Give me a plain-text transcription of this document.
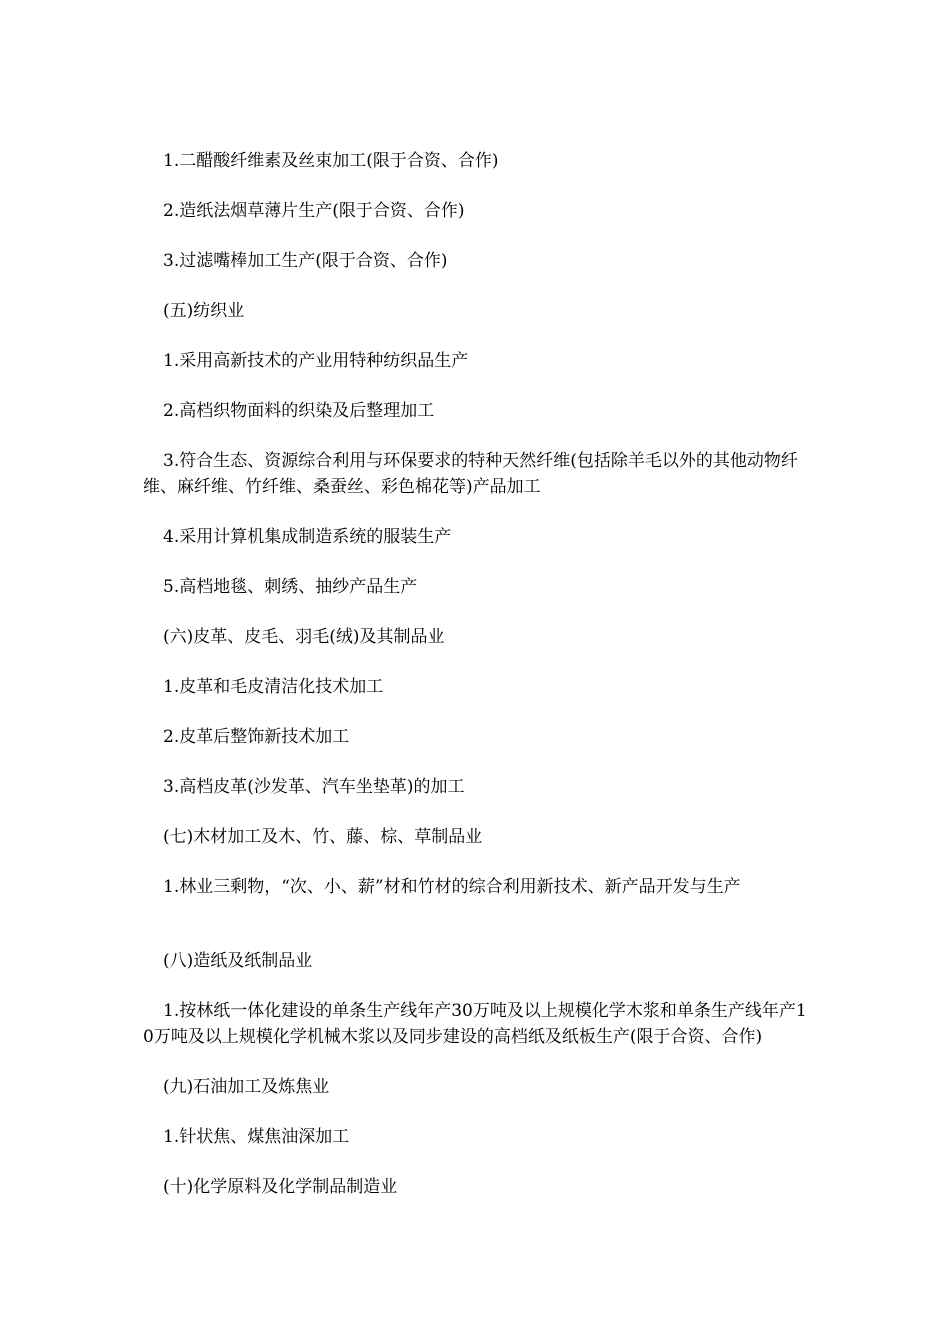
1.二醋酸纤维素及丝束加工(限于合资、合作)

2.造纸法烟草薄片生产(限于合资、合作)

3.过滤嘴棒加工生产(限于合资、合作)

(五)纺织业

1.采用高新技术的产业用特种纺织品生产

2.高档织物面料的织染及后整理加工

3.符合生态、资源综合利用与环保要求的特种天然纤维(包括除羊毛以外的其他动物纤维、麻纤维、竹纤维、桑蚕丝、彩色棉花等)产品加工

4.采用计算机集成制造系统的服装生产

5.高档地毯、刺绣、抽纱产品生产

(六)皮革、皮毛、羽毛(绒)及其制品业

1.皮革和毛皮清洁化技术加工

2.皮革后整饰新技术加工

3.高档皮革(沙发革、汽车坐垫革)的加工

(七)木材加工及木、竹、藤、棕、草制品业

1.林业三剩物，“次、小、薪”材和竹材的综合利用新技术、新产品开发与生产

(八)造纸及纸制品业

1.按林纸一体化建设的单条生产线年产30万吨及以上规模化学木浆和单条生产线年产10万吨及以上规模化学机械木浆以及同步建设的高档纸及纸板生产(限于合资、合作)

(九)石油加工及炼焦业

1.针状焦、煤焦油深加工

(十)化学原料及化学制品制造业
